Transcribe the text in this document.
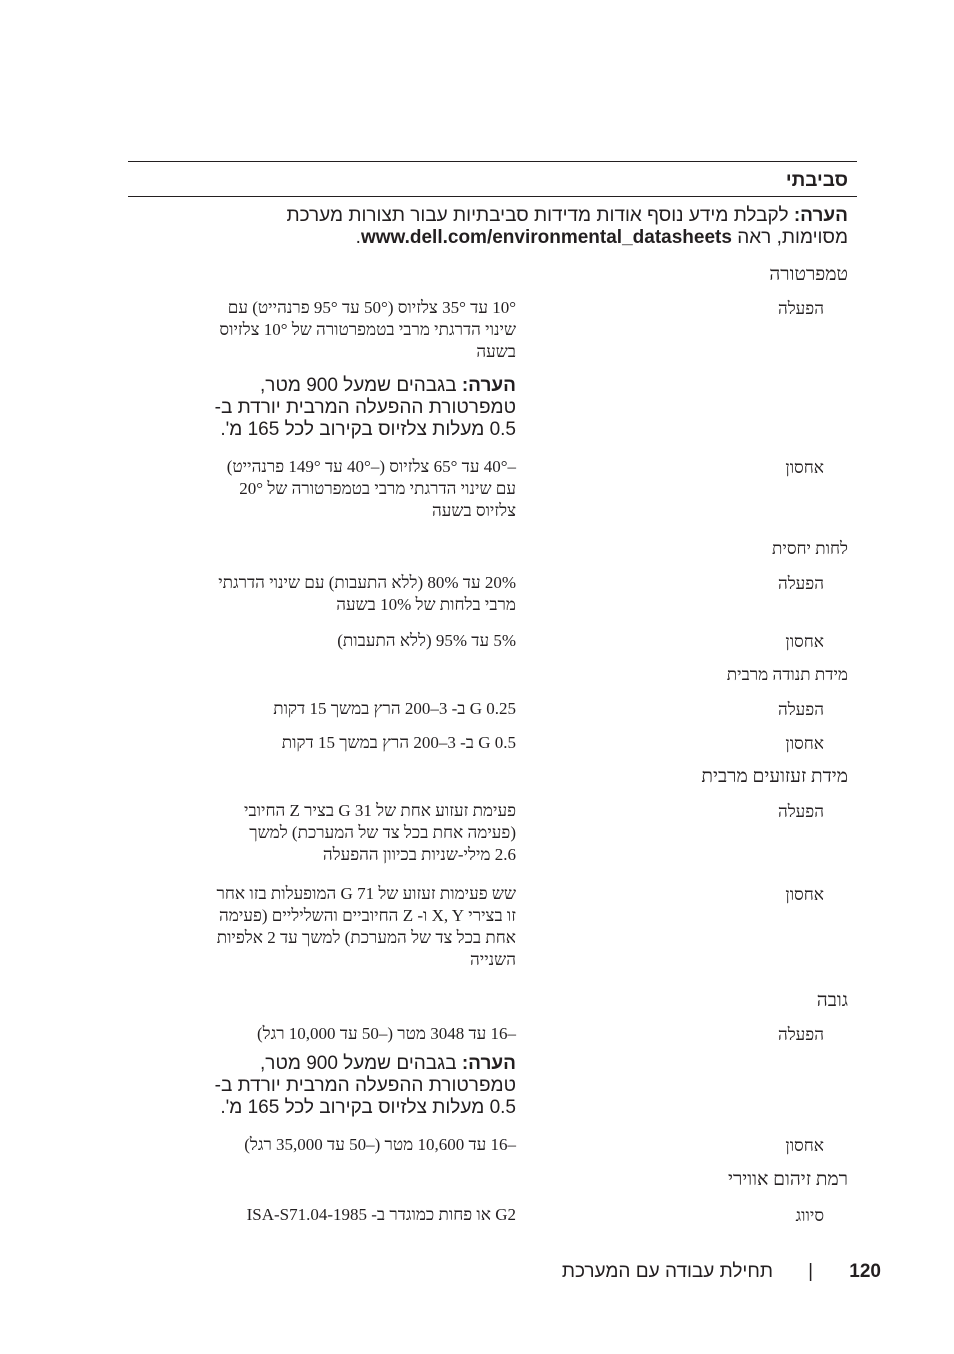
סביבתי
הערה: לקבלת מידע נוסף אודות מדידות סביבתיות עבור תצורות מערכת
מסוימות, ראה www.dell.com/environmental_datasheets.
טמפרטורה
הפעלה
10° עד 35° צלזיוס (50° עד 95° פרנהייט) עם
שינוי הדרגתי מרבי בטמפרטורה של 10° צלזיוס
בשעה
הערה: בגבהים שמעל 900 מטר,
טמפרטורת ההפעלה המרבית יורדת ב-
0.5 מעלות צלזיוס בקירוב לכל 165 מ'.
אחסון
–40° עד 65° צלזיוס (–40° עד 149° פרנהייט)
עם שינוי הדרגתי מרבי בטמפרטורה של 20°
צלזיוס בשעה
לחות יחסית
הפעלה
20% עד 80% (ללא התעבות) עם שינוי הדרגתי
מרבי בלחות של 10% בשעה
אחסון
5% עד 95% (ללא התעבות)
מידת תנודה מרבית
הפעלה
0.25 G ב- 3–200 הרץ במשך 15 דקות
אחסון
0.5 G ב- 3–200 הרץ במשך 15 דקות
מידת זעזועים מרבית
הפעלה
פעימת זעזוע אחת של 31 G בציר Z החיובי
(פעימה אחת בכל צד של המערכת) למשך
2.6 מילי-שניות בכיוון ההפעלה
אחסון
שש פעימות זעזוע של 71 G המופעלות בזו אחר
זו בצירי X, Y ו- Z החיוביים והשליליים (פעימה
אחת בכל צד של המערכת) למשך עד 2 אלפיות
השנייה
גובה
הפעלה
–16 עד 3048 מטר (–50 עד 10,000 רגל)
הערה: בגבהים שמעל 900 מטר,
טמפרטורת ההפעלה המרבית יורדת ב-
0.5 מעלות צלזיוס בקירוב לכל 165 מ'.
אחסון
–16 עד 10,600 מטר (–50 עד 35,000 רגל)
רמת זיהום אווירי
סיווג
G2 או פחות כמוגדר ב- ISA-S71.04-1985
120
|
תחילת עבודה עם המערכת
